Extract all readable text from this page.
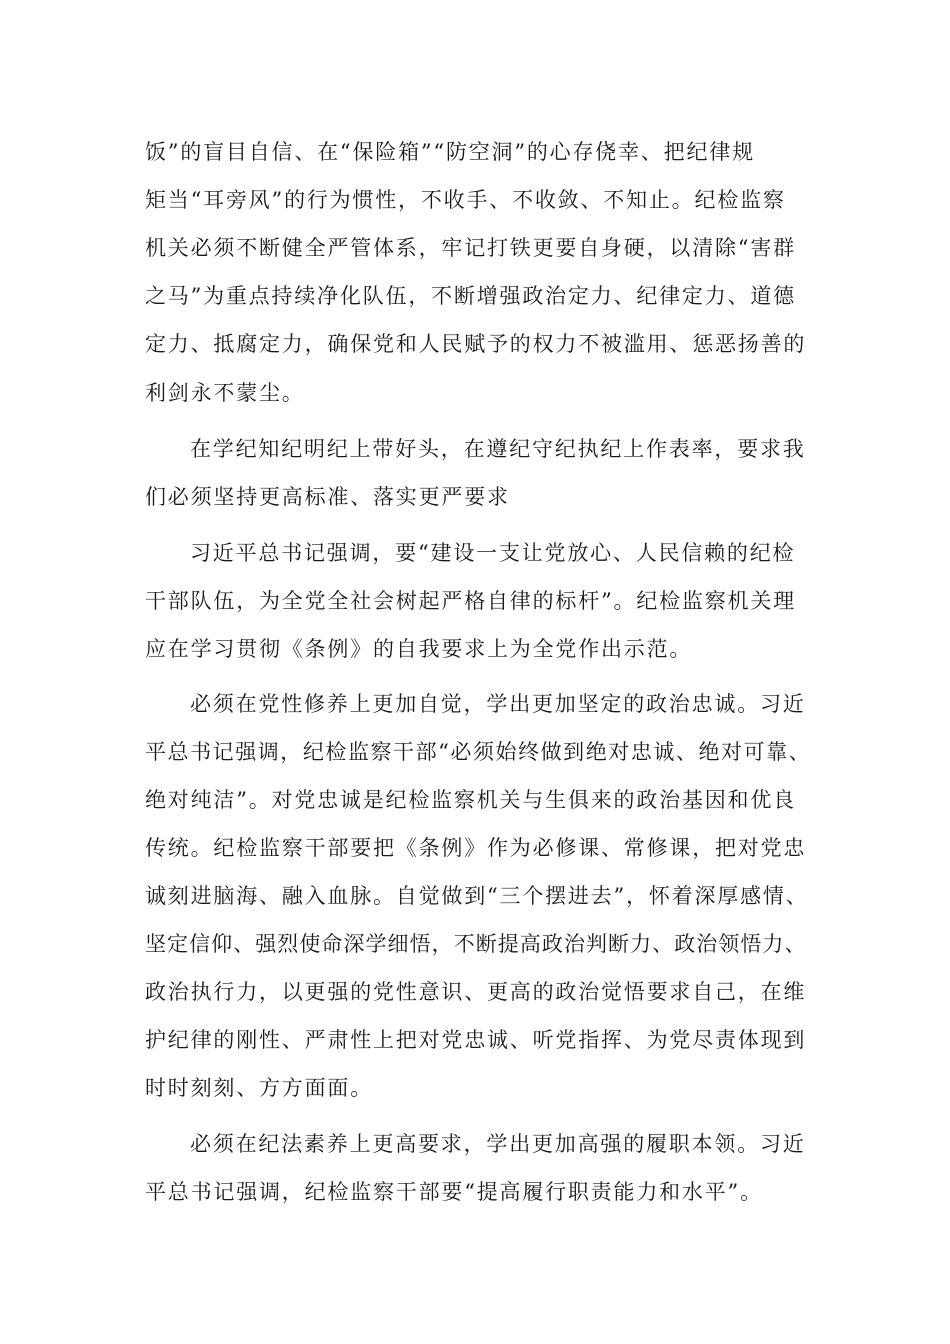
饭”的盲目自信、在“保险箱”“防空洞”的心存侥幸、把纪律规
矩当“耳旁风”的行为惯性，不收手、不收敛、不知止。纪检监察
机关必须不断健全严管体系，牢记打铁更要自身硬，以清除“害群
之马”为重点持续净化队伍，不断增强政治定力、纪律定力、道德
定力、抵腐定力，确保党和人民赋予的权力不被滥用、惩恶扬善的
利剑永不蒙尘。
在学纪知纪明纪上带好头，在遵纪守纪执纪上作表率，要求我
们必须坚持更高标准、落实更严要求
习近平总书记强调，要“建设一支让党放心、人民信赖的纪检
干部队伍，为全党全社会树起严格自律的标杆”。纪检监察机关理
应在学习贯彻《条例》的自我要求上为全党作出示范。
必须在党性修养上更加自觉，学出更加坚定的政治忠诚。习近
平总书记强调，纪检监察干部“必须始终做到绝对忠诚、绝对可靠、
绝对纯洁”。对党忠诚是纪检监察机关与生俱来的政治基因和优良
传统。纪检监察干部要把《条例》作为必修课、常修课，把对党忠
诚刻进脑海、融入血脉。自觉做到“三个摆进去”，怀着深厚感情、
坚定信仰、强烈使命深学细悟，不断提高政治判断力、政治领悟力、
政治执行力，以更强的党性意识、更高的政治觉悟要求自己，在维
护纪律的刚性、严肃性上把对党忠诚、听党指挥、为党尽责体现到
时时刻刻、方方面面。
必须在纪法素养上更高要求，学出更加高强的履职本领。习近
平总书记强调，纪检监察干部要“提高履行职责能力和水平”。
